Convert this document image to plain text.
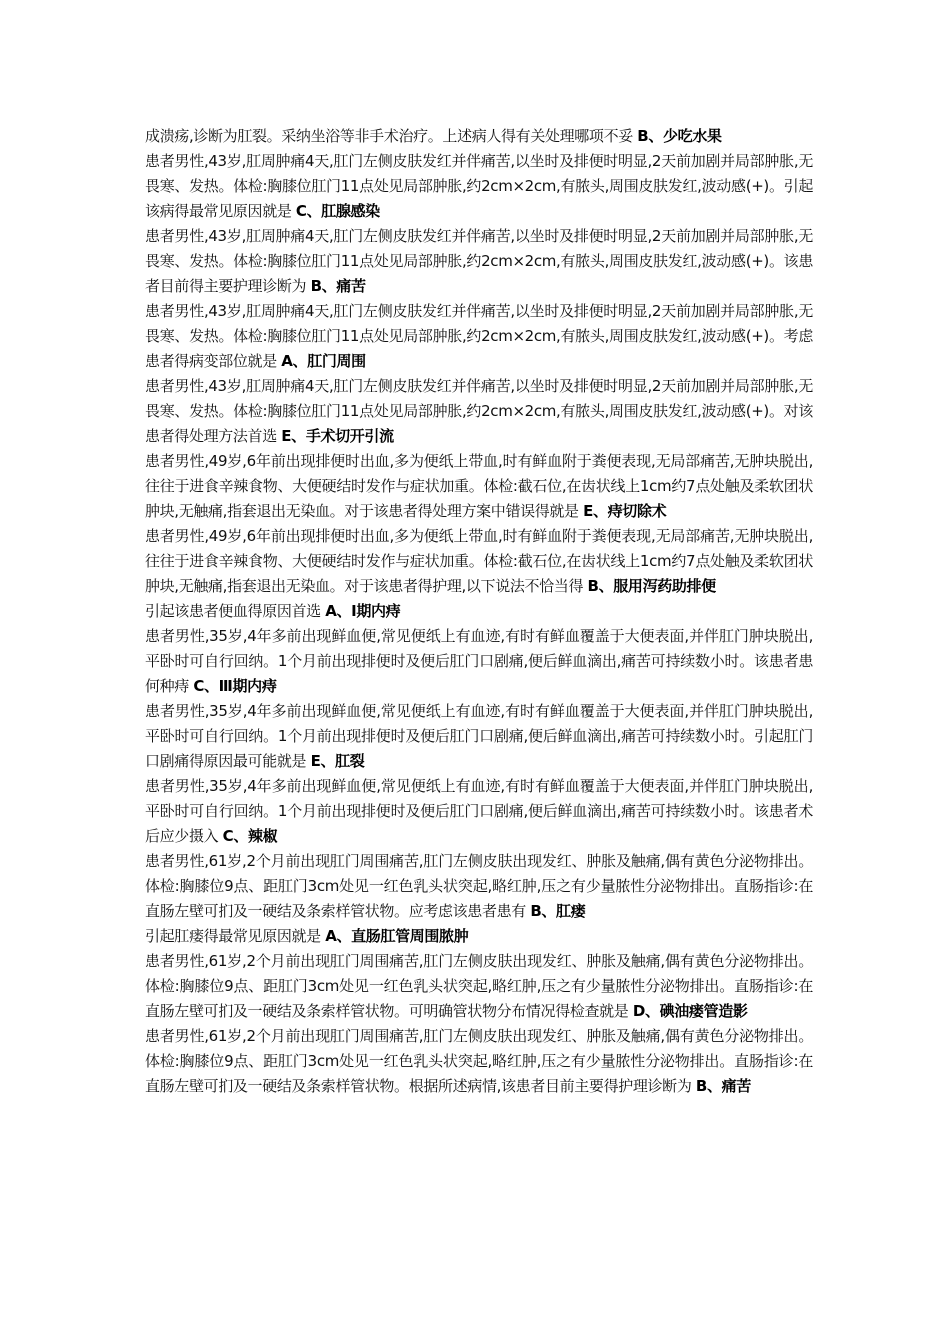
成溃疡,诊断为肛裂。采纳坐浴等非手术治疗。上述病人得有关处理哪项不妥 B、少吃水果

患者男性,43岁,肛周肿痛4天,肛门左侧皮肤发红并伴痛苦,以坐时及排便时明显,2天前加剧并局部肿胀,无畏寒、发热。体检:胸膝位肛门11点处见局部肿胀,约2cm×2cm,有脓头,周围皮肤发红,波动感(+)。引起该病得最常见原因就是 C、肛腺感染

患者男性,43岁,肛周肿痛4天,肛门左侧皮肤发红并伴痛苦,以坐时及排便时明显,2天前加剧并局部肿胀,无畏寒、发热。体检:胸膝位肛门11点处见局部肿胀,约2cm×2cm,有脓头,周围皮肤发红,波动感(+)。该患者目前得主要护理诊断为 B、痛苦

患者男性,43岁,肛周肿痛4天,肛门左侧皮肤发红并伴痛苦,以坐时及排便时明显,2天前加剧并局部肿胀,无畏寒、发热。体检:胸膝位肛门11点处见局部肿胀,约2cm×2cm,有脓头,周围皮肤发红,波动感(+)。考虑患者得病变部位就是 A、肛门周围

患者男性,43岁,肛周肿痛4天,肛门左侧皮肤发红并伴痛苦,以坐时及排便时明显,2天前加剧并局部肿胀,无畏寒、发热。体检:胸膝位肛门11点处见局部肿胀,约2cm×2cm,有脓头,周围皮肤发红,波动感(+)。对该患者得处理方法首选 E、手术切开引流

患者男性,49岁,6年前出现排便时出血,多为便纸上带血,时有鲜血附于粪便表现,无局部痛苦,无肿块脱出,往往于进食辛辣食物、大便硬结时发作与症状加重。体检:截石位,在齿状线上1cm约7点处触及柔软团状肿块,无触痛,指套退出无染血。对于该患者得处理方案中错误得就是 E、痔切除术

患者男性,49岁,6年前出现排便时出血,多为便纸上带血,时有鲜血附于粪便表现,无局部痛苦,无肿块脱出,往往于进食辛辣食物、大便硬结时发作与症状加重。体检:截石位,在齿状线上1cm约7点处触及柔软团状肿块,无触痛,指套退出无染血。对于该患者得护理,以下说法不恰当得 B、服用泻药助排便

引起该患者便血得原因首选 A、Ⅰ期内痔

患者男性,35岁,4年多前出现鲜血便,常见便纸上有血迹,有时有鲜血覆盖于大便表面,并伴肛门肿块脱出,平卧时可自行回纳。1个月前出现排便时及便后肛门口剧痛,便后鲜血滴出,痛苦可持续数小时。该患者患何种痔 C、Ⅲ期内痔

患者男性,35岁,4年多前出现鲜血便,常见便纸上有血迹,有时有鲜血覆盖于大便表面,并伴肛门肿块脱出,平卧时可自行回纳。1个月前出现排便时及便后肛门口剧痛,便后鲜血滴出,痛苦可持续数小时。引起肛门口剧痛得原因最可能就是 E、肛裂

患者男性,35岁,4年多前出现鲜血便,常见便纸上有血迹,有时有鲜血覆盖于大便表面,并伴肛门肿块脱出,平卧时可自行回纳。1个月前出现排便时及便后肛门口剧痛,便后鲜血滴出,痛苦可持续数小时。该患者术后应少摄入 C、辣椒

患者男性,61岁,2个月前出现肛门周围痛苦,肛门左侧皮肤出现发红、肿胀及触痛,偶有黄色分泌物排出。体检:胸膝位9点、距肛门3cm处见一红色乳头状突起,略红肿,压之有少量脓性分泌物排出。直肠指诊:在直肠左壁可扪及一硬结及条索样管状物。应考虑该患者患有 B、肛瘘

引起肛瘘得最常见原因就是 A、直肠肛管周围脓肿

患者男性,61岁,2个月前出现肛门周围痛苦,肛门左侧皮肤出现发红、肿胀及触痛,偶有黄色分泌物排出。体检:胸膝位9点、距肛门3cm处见一红色乳头状突起,略红肿,压之有少量脓性分泌物排出。直肠指诊:在直肠左壁可扪及一硬结及条索样管状物。可明确管状物分布情况得检查就是 D、碘油瘘管造影

患者男性,61岁,2个月前出现肛门周围痛苦,肛门左侧皮肤出现发红、肿胀及触痛,偶有黄色分泌物排出。体检:胸膝位9点、距肛门3cm处见一红色乳头状突起,略红肿,压之有少量脓性分泌物排出。直肠指诊:在直肠左壁可扪及一硬结及条索样管状物。根据所述病情,该患者目前主要得护理诊断为 B、痛苦
